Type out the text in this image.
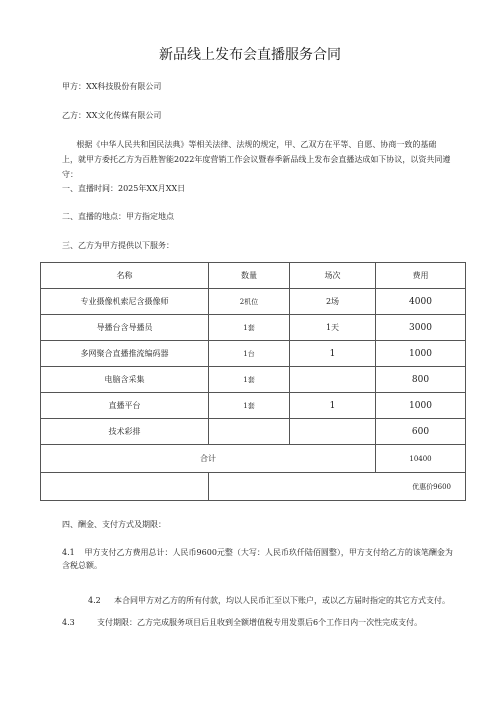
新品线上发布会直播服务合同
甲方：XX科技股份有限公司
乙方：XX文化传媒有限公司
根据《中华人民共和国民法典》等相关法律、法规的规定，甲、乙双方在平等、自愿、协商一致的基础上，就甲方委托乙方为百胜智能2022年度营销工作会议暨春季新品线上发布会直播达成如下协议，以资共同遵守：
一、直播时间：2025年XX月XX日
二、直播的地点：甲方指定地点
三、乙方为甲方提供以下服务：
名称	数量	场次	费用
专业摄像机索尼含摄像师	2机位	2场	4000
导播台含导播员	1套	1天	3000
多网聚合直播推流编码器	1台	1	1000
电脑含采集	1套		800
直播平台	1套	1	1000
技术彩排			600
合计			10400
	优惠价9600		
四、酬金、支付方式及期限：
4.1 甲方支付乙方费用总计：人民币9600元整（大写：人民币玖仟陆佰圆整），甲方支付给乙方的该笔酬金为含税总额。
4.2 本合同甲方对乙方的所有付款，均以人民币汇至以下账户，或以乙方届时指定的其它方式支付。
4.3	支付期限：乙方完成服务项目后且收到全额增值税专用发票后6个工作日内一次性完成支付。
